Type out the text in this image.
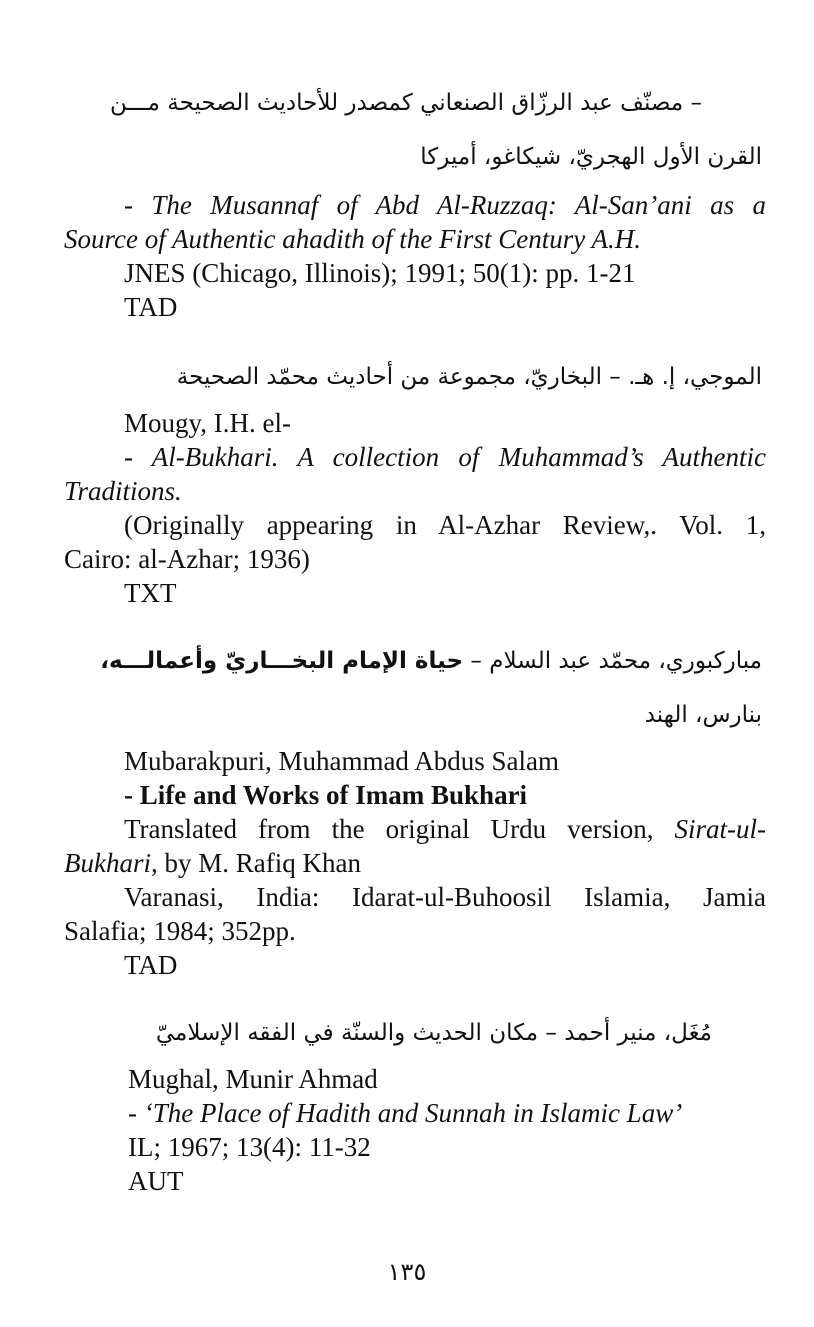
– مصنّف عبد الرزّاق الصنعاني كمصدر للأحاديث الصحيحة مـــن
القرن الأول الهجريّ، شيكاغو، أميركا
- The Musannaf of Abd Al-Ruzzaq: Al-San’ani as a
Source of Authentic ahadith of the First Century A.H.
JNES (Chicago, Illinois); 1991; 50(1): pp. 1-21
TAD
الموجي، إ. هـ. – البخاريّ، مجموعة من أحاديث محمّد الصحيحة
Mougy, I.H. el-
- Al-Bukhari. A collection of Muhammad’s Authentic
Traditions.
(Originally appearing in Al-Azhar Review,. Vol. 1,
Cairo: al-Azhar; 1936)
TXT
مباركبوري، محمّد عبد السلام – حياة الإمام البخـــاريّ وأعمالـــه،
بنارس، الهند
Mubarakpuri, Muhammad Abdus Salam
- Life and Works of Imam Bukhari
Translated from the original Urdu version, Sirat-ul-
Bukhari, by M. Rafiq Khan
Varanasi, India: Idarat-ul-Buhoosil Islamia, Jamia
Salafia; 1984; 352pp.
TAD
مُغَل، منير أحمد – مكان الحديث والسنّة في الفقه الإسلاميّ
Mughal, Munir Ahmad
- ‘The Place of Hadith and Sunnah in Islamic Law’
IL; 1967; 13(4): 11-32
AUT
١٣٥
